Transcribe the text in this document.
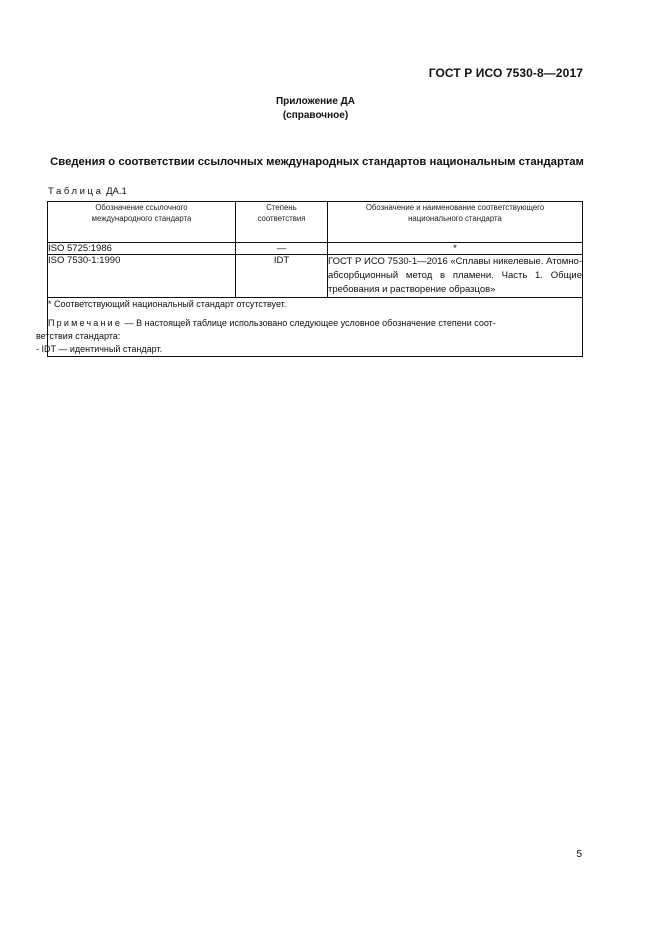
ГОСТ Р ИСО 7530-8—2017
Приложение ДА
(справочное)
Сведения о соответствии ссылочных международных стандартов национальным стандартам
Таблица ДА.1
Обозначение ссылочного международного стандарта	Степень соответствия	Обозначение и наименование соответствующего национального стандарта

ISO 5725:1986	—	*
ISO 7530-1:1990	IDT	ГОСТ Р ИСО 7530-1—2016 «Сплавы никелевые. Атомно-абсорбционный метод в пламени. Часть 1. Общие требования и растворение образцов»

* Соответствующий национальный стандарт отсутствует.

Примечание — В настоящей таблице использовано следующее условное обозначение степени соот-

ветствия стандарта:

- IDT — идентичный стандарт.		

5
